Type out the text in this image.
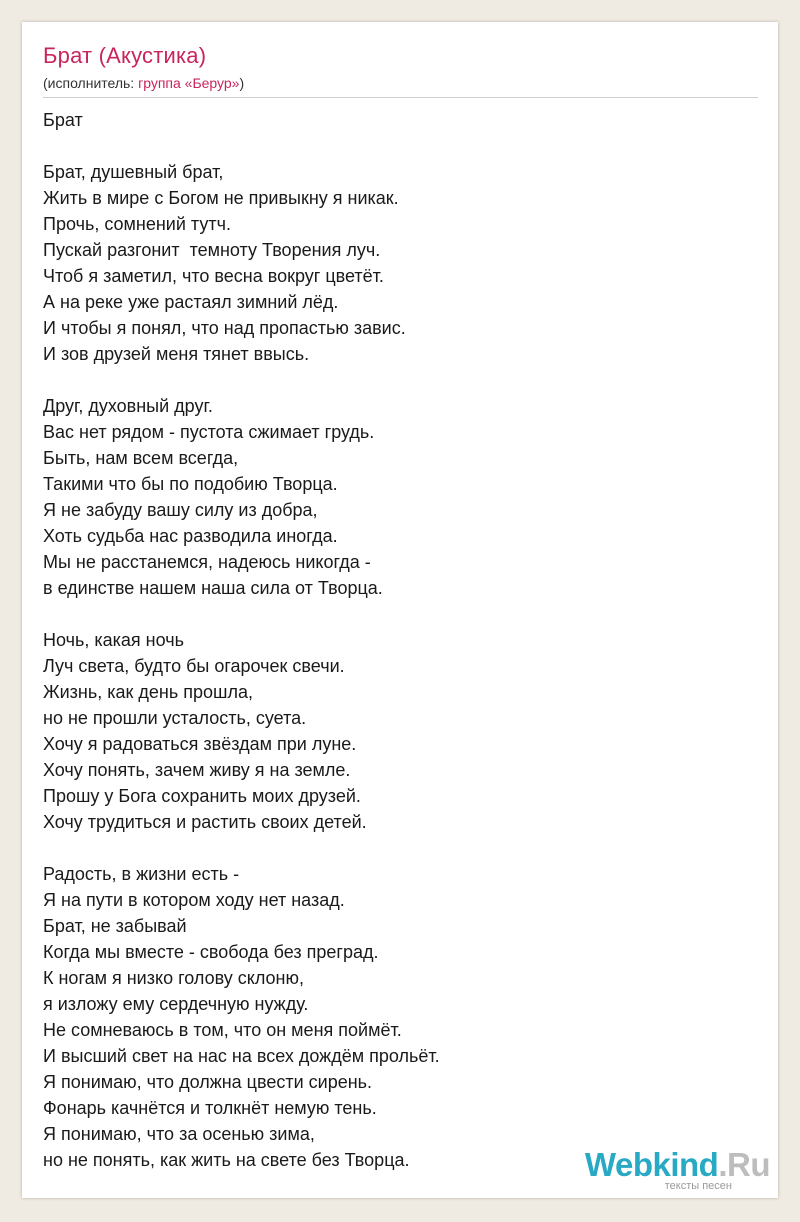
Брат (Акустика)
(исполнитель: группа «Берур»)
Брат
Брат, душевный брат,
Жить в мире с Богом не привыкну я никак.
Прочь, сомнений тутч.
Пускай разгонит  темноту Творения луч.
Чтоб я заметил, что весна вокруг цветёт.
А на реке уже растаял зимний лёд.
И чтобы я понял, что над пропастью завис.
И зов друзей меня тянет ввысь.
Друг, духовный друг.
Вас нет рядом - пустота сжимает грудь.
Быть, нам всем всегда,
Такими что бы по подобию Творца.
Я не забуду вашу силу из добра,
Хоть судьба нас разводила иногда.
Мы не расстанемся, надеюсь никогда -
в единстве нашем наша сила от Творца.
Ночь, какая ночь
Луч света, будто бы огарочек свечи.
Жизнь, как день прошла,
но не прошли усталость, суета.
Хочу я радоваться звёздам при луне.
Хочу понять, зачем живу я на земле.
Прошу у Бога сохранить моих друзей.
Хочу трудиться и растить своих детей.
Радость, в жизни есть -
Я на пути в котором ходу нет назад.
Брат, не забывай
Когда мы вместе - свобода без преград.
К ногам я низко голову склоню,
я изложу ему сердечную нужду.
Не сомневаюсь в том, что он меня поймёт.
И высший свет на нас на всех дождём прольёт.
Я понимаю, что должна цвести сирень.
Фонарь качнётся и толкнёт немую тень.
Я понимаю, что за осенью зима,
но не понять, как жить на свете без Творца.	Webkind.Ru
тексты песен
